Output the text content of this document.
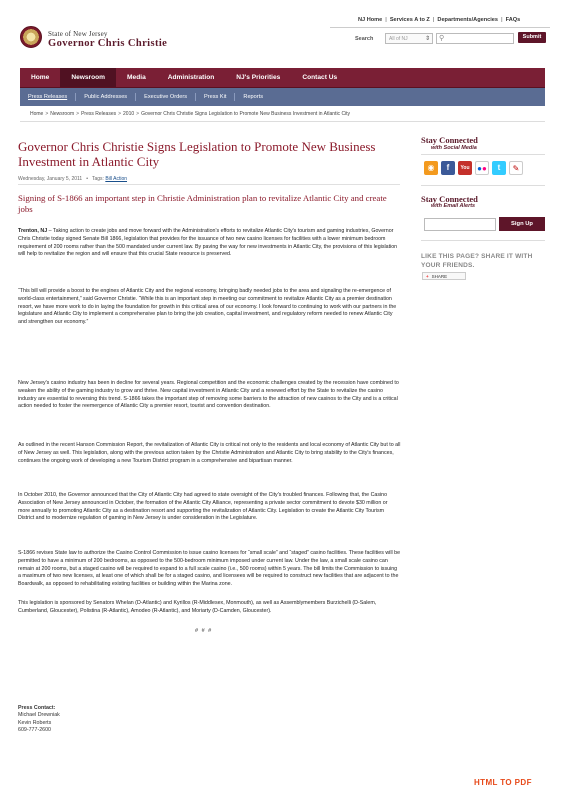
NJ Home | Services A to Z | Departments/Agencies | FAQs
State of New Jersey
Governor Chris Christie	Search	All of NJ	⇕ ⚲	Submit
Home	Newsroom	Media	Administration	NJ's Priorities	Contact Us
Press Releases	Public Addresses	Executive Orders	Press Kit	Reports
Home > Newsroom > Press Releases > 2010 > Governor Chris Christie Signs Legislation to Promote New Business Investment in Atlantic City
Governor Chris Christie Signs Legislation to Promote New Business Investment in Atlantic City
Wednesday, January 5, 2011 • Tags: Bill Action
Signing of S-1866 an important step in Christie Administration plan to revitalize Atlantic City and create jobs
Trenton, NJ – Taking action to create jobs and move forward with the Administration's efforts to revitalize Atlantic City's tourism and gaming industries, Governor Chris Christie today signed Senate Bill 1866, legislation that provides for the issuance of two new casino licenses for facilities with a lower minimum bedroom requirement of 200 rooms rather than the 500 mandated under current law. By paving the way for new investments in Atlantic City, the provisions of this legislation will help to revitalize the region and will ensure that this crucial State resource is preserved.
“This bill will provide a boost to the engines of Atlantic City and the regional economy, bringing badly needed jobs to the area and signaling the re-emergence of world-class entertainment,” said Governor Christie. “While this is an important step in meeting our commitment to revitalize Atlantic City as a premier destination resort, we have more work to do in laying the foundation for growth in this critical area of our economy. I look forward to continuing to work with our partners in the legislature and Atlantic City to implement a comprehensive plan to bring the job creation, capital investment, and regulatory reform needed to renew Atlantic City and strengthen our economy.”
New Jersey's casino industry has been in decline for several years. Regional competition and the economic challenges created by the recession have combined to weaken the ability of the gaming industry to grow and thrive. New capital investment in Atlantic City and a renewed effort by the State to revitalize the casino industry are essential to reversing this trend. S-1866 takes the important step of removing some barriers to the attraction of new casinos to the City and is a critical action needed to foster the reemergence of Atlantic City a premier resort, tourist and convention destination.
As outlined in the recent Hanson Commission Report, the revitalization of Atlantic City is critical not only to the residents and local economy of Atlantic City but to all of New Jersey as well. This legislation, along with the previous action taken by the Christie Administration and Atlantic City to bring stability to the City's finances, continues the ongoing work of developing a new Tourism District program in a comprehensive and bipartisan manner.
In October 2010, the Governor announced that the City of Atlantic City had agreed to state oversight of the City's troubled finances. Following that, the Casino Association of New Jersey announced in October, the formation of the Atlantic City Alliance, representing a private sector commitment to devote $30 million or more annually to promoting Atlantic City as a destination resort and supporting the revitalization of Atlantic City. Legislation to create the Atlantic City Tourism District and to modernize regulation of gaming in New Jersey is under consideration in the Legislature.
S-1866 revises State law to authorize the Casino Control Commission to issue casino licenses for “small scale” and “staged” casino facilities. These facilities will be permitted to have a minimum of 200 bedrooms, as opposed to the 500-bedroom minimum imposed under current law. Under the law, a small scale casino can remain at 200 rooms, but a staged casino will be required to expand to a full scale casino (i.e., 500 rooms) within 5 years. The bill limits the Commission to issuing a maximum of two new licenses, at least one of which shall be for a staged casino, and licensees will be required to construct new facilities that are adjacent to the Boardwalk, as opposed to rehabilitating existing facilities or building within the Marina zone.
This legislation is sponsored by Senators Whelan (D-Atlantic) and Kyrillos (R-Middlesex, Monmouth), as well as Assemblymembers Burzichelli (D-Salem, Cumberland, Gloucester), Polistina (R-Atlantic), Amodeo (R-Atlantic), and Moriarty (D-Camden, Gloucester).
# # #
Press Contact:
Michael Drewniak
Kevin Roberts
609-777-2600
Stay Connected
with Social Media
◉	f	You ●●	t	✎
Stay Connected
with Email Alerts
Sign Up
LIKE THIS PAGE? SHARE IT WITH YOUR FRIENDS.
+ SHARE
HTML TO PDF
